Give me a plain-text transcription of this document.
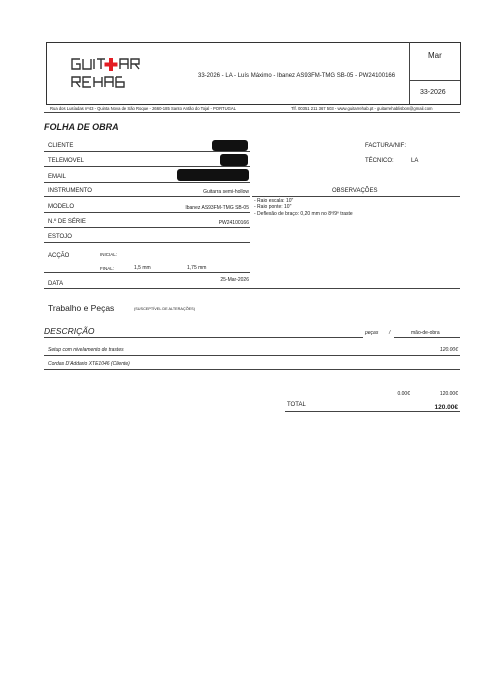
33-2026 - LA - Luís Máximo - Ibanez AS93FM-TMG SB-05 - PW24100166
Mar
33-2026
Rua dos Lusíadas nº43 - Quinta Nova de São Roque - 2660-185 Santo Antão do Tojal - PORTUGAL	Tlf. 00351 211 367 503 - www.guitarrehab.pt - guitarrehablisbon@gmail.com
FOLHA DE OBRA
CLIENTE	FACTURA/NIF:
TELEMOVEL	TÉCNICO:	LA
EMAIL
INSTRUMENTO	Guitarra semi-hollow	OBSERVAÇÕES
- Raio escala: 10"
- Raio ponte: 10"
- Deflexão de braço: 0,20 mm no 8º/9º traste
MODELO	Ibanez AS93FM-TMG SB-05
N.º DE SÉRIE	PW24100166
ESTOJO
ACÇÃO	INICIAL:
FINAL:	1,5 mm	1,75 mm
DATA
25-Mar-2026
Trabalho e Peças	(SUSCEPTÍVEL DE ALTERAÇÕES)
DESCRIÇÃO	peças /	mão-de-obra
Setup com nivelamento de trastes	120.00€
Cordas D'Addario XTE1046 (Cliente)
0.00€	120.00€
TOTAL	120.00€
